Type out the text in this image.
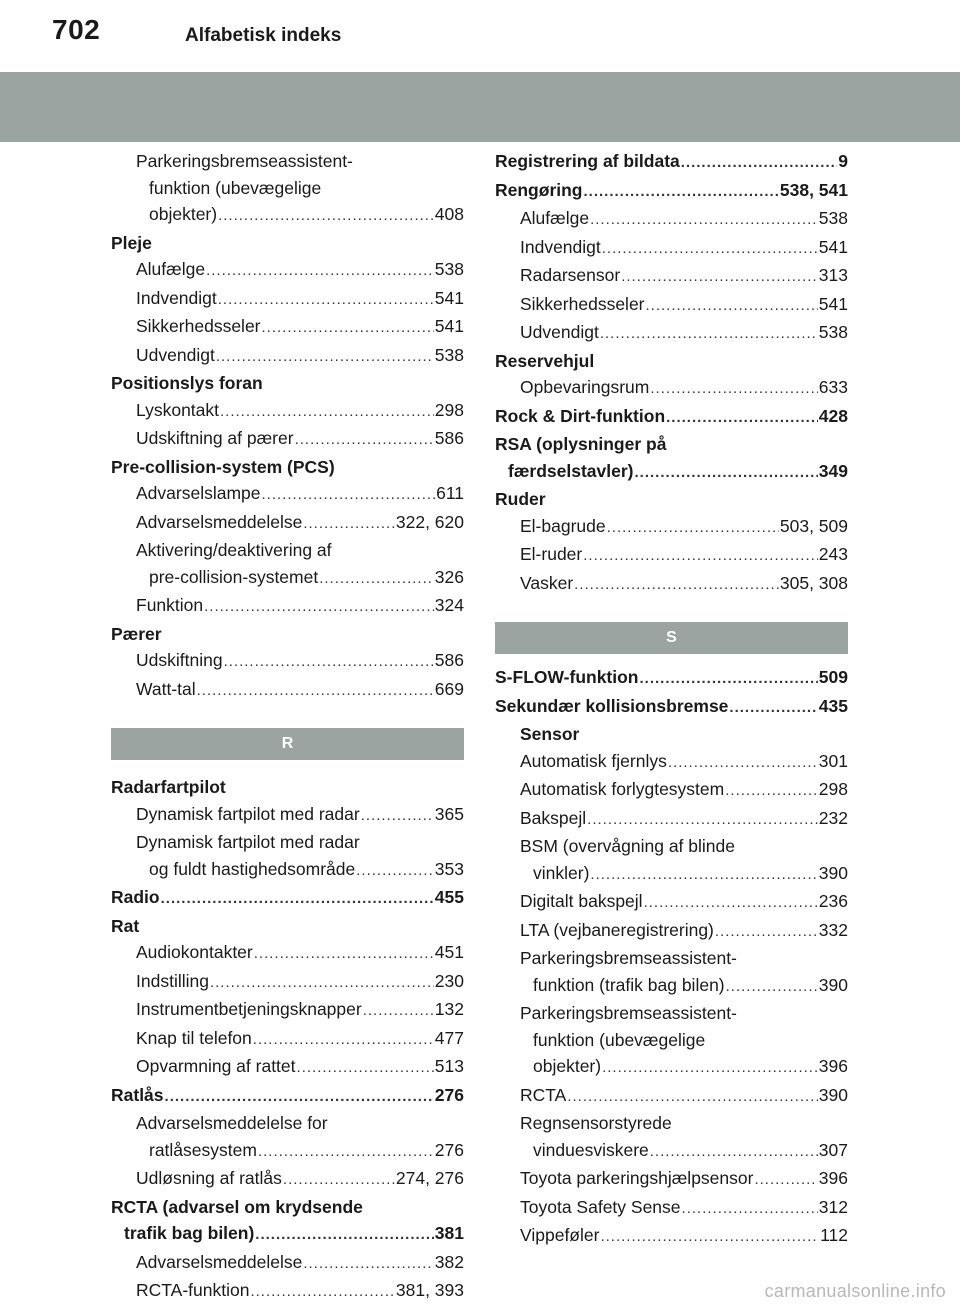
702	Alfabetisk indeks
Parkeringsbremseassistent-
funktion (ubevægelige
objekter) .....	408
Pleje
Alufælge .....	538
Indvendigt .....	541
Sikkerhedsseler .....	541
Udvendigt .....	538
Positionslys foran
Lyskontakt .....	298
Udskiftning af pærer .....	586
Pre-collision-system (PCS)
Advarselslampe .....	611
Advarselsmeddelelse .....	322, 620
Aktivering/deaktivering af
pre-collision-systemet .....	326
Funktion .....	324
Pærer
Udskiftning .....	586
Watt-tal .....	669
R
Radarfartpilot
Dynamisk fartpilot med radar .....	365
Dynamisk fartpilot med radar
og fuldt hastighedsområde .....	353
Radio .....	455
Rat
Audiokontakter .....	451
Indstilling .....	230
Instrumentbetjeningsknapper .....	132
Knap til telefon .....	477
Opvarmning af rattet .....	513
Ratlås .....	276
Advarselsmeddelelse for
ratlåsesystem .....	276
Udløsning af ratlås .....	274, 276
RCTA (advarsel om krydsende
trafik bag bilen) .....	381
Advarselsmeddelelse .....	382
RCTA-funktion .....	381, 393
Registrering af bildata .....	9
Rengøring .....	538, 541
Alufælge .....	538
Indvendigt .....	541
Radarsensor .....	313
Sikkerhedsseler .....	541
Udvendigt .....	538
Reservehjul
Opbevaringsrum .....	633
Rock & Dirt-funktion .....	428
RSA (oplysninger på
færdselstavler) .....	349
Ruder
El-bagrude .....	503, 509
El-ruder .....	243
Vasker .....	305, 308
S
S-FLOW-funktion .....	509
Sekundær kollisionsbremse .....	435
Sensor
Automatisk fjernlys .....	301
Automatisk forlygtesystem .....	298
Bakspejl .....	232
BSM (overvågning af blinde
vinkler) .....	390
Digitalt bakspejl .....	236
LTA (vejbaneregistrering) .....	332
Parkeringsbremseassistent-
funktion (trafik bag bilen) .....	390
Parkeringsbremseassistent-
funktion (ubevægelige
objekter) .....	396
RCTA .....	390
Regnsensorstyrede
vinduesviskere .....	307
Toyota parkeringshjælpsensor .....	396
Toyota Safety Sense .....	312
Vippeføler .....	112
carmanualsonline.info
